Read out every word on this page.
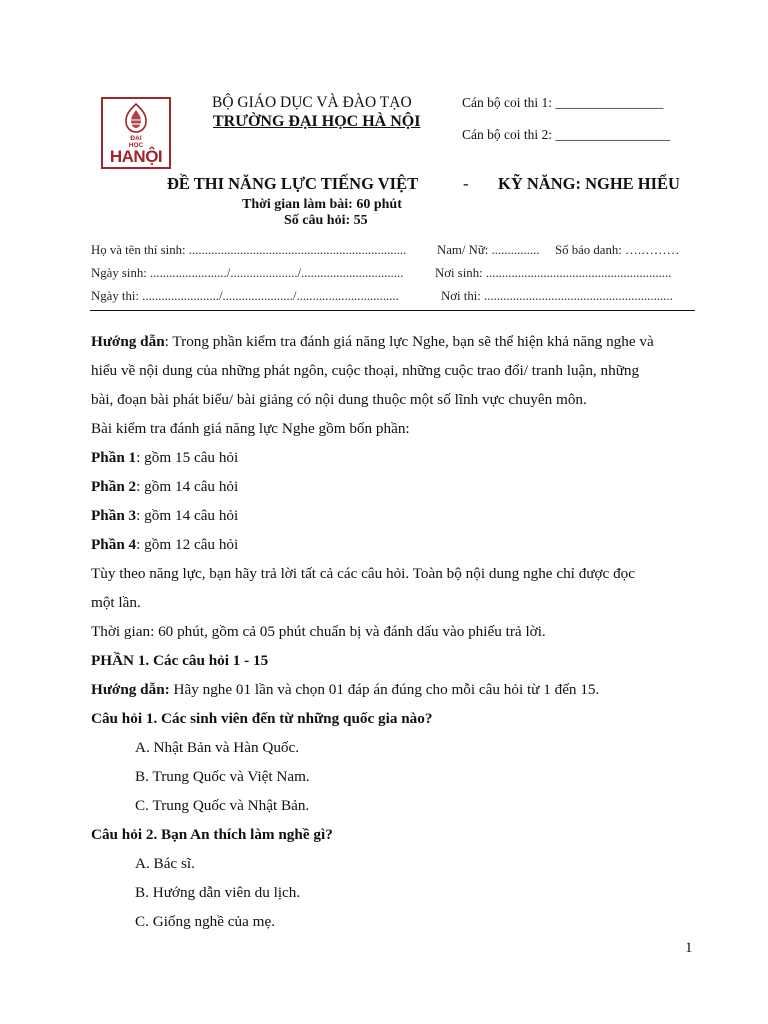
ĐẠI
HỌC
HANỘI
BỘ GIÁO DỤC VÀ ĐÀO TẠO
TRƯỜNG ĐẠI HỌC HÀ NỘI
Cán bộ coi thi 1: ________________
Cán bộ coi thi 2: _________________
ĐỀ THI NĂNG LỰC TIẾNG VIỆT	- KỸ NĂNG: NGHE HIỂU
Thời gian làm bài: 60 phút
Số câu hỏi: 55
Họ và tên thí sinh: .................................................................... Nam/ Nữ: ............... Số báo danh: ….………
Ngày sinh: ......................../...................../................................ Nơi sinh: ..........................................................
Ngày thi: ......................../....................../................................	Nơi thi: ...........................................................
Hướng dẫn: Trong phần kiểm tra đánh giá năng lực Nghe, bạn sẽ thể hiện khả năng nghe và
hiểu về nội dung của những phát ngôn, cuộc thoại, những cuộc trao đổi/ tranh luận, những
bài, đoạn bài phát biểu/ bài giảng có nội dung thuộc một số lĩnh vực chuyên môn.
Bài kiểm tra đánh giá năng lực Nghe gồm bốn phần:
Phần 1: gồm 15 câu hỏi
Phần 2: gồm 14 câu hỏi
Phần 3: gồm 14 câu hỏi
Phần 4: gồm 12 câu hỏi
Tùy theo năng lực, bạn hãy trả lời tất cả các câu hỏi. Toàn bộ nội dung nghe chỉ được đọc
một lần.
Thời gian: 60 phút, gồm cả 05 phút chuẩn bị và đánh dấu vào phiếu trả lời.
PHẦN 1. Các câu hỏi 1 - 15
Hướng dẫn: Hãy nghe 01 lần và chọn 01 đáp án đúng cho mỗi câu hỏi từ 1 đến 15.
Câu hỏi 1. Các sinh viên đến từ những quốc gia nào?
A. Nhật Bản và Hàn Quốc.
B. Trung Quốc và Việt Nam.
C. Trung Quốc và Nhật Bản.
Câu hỏi 2. Bạn An thích làm nghề gì?
A. Bác sĩ.
B. Hướng dẫn viên du lịch.
C. Giống nghề của mẹ.
1
